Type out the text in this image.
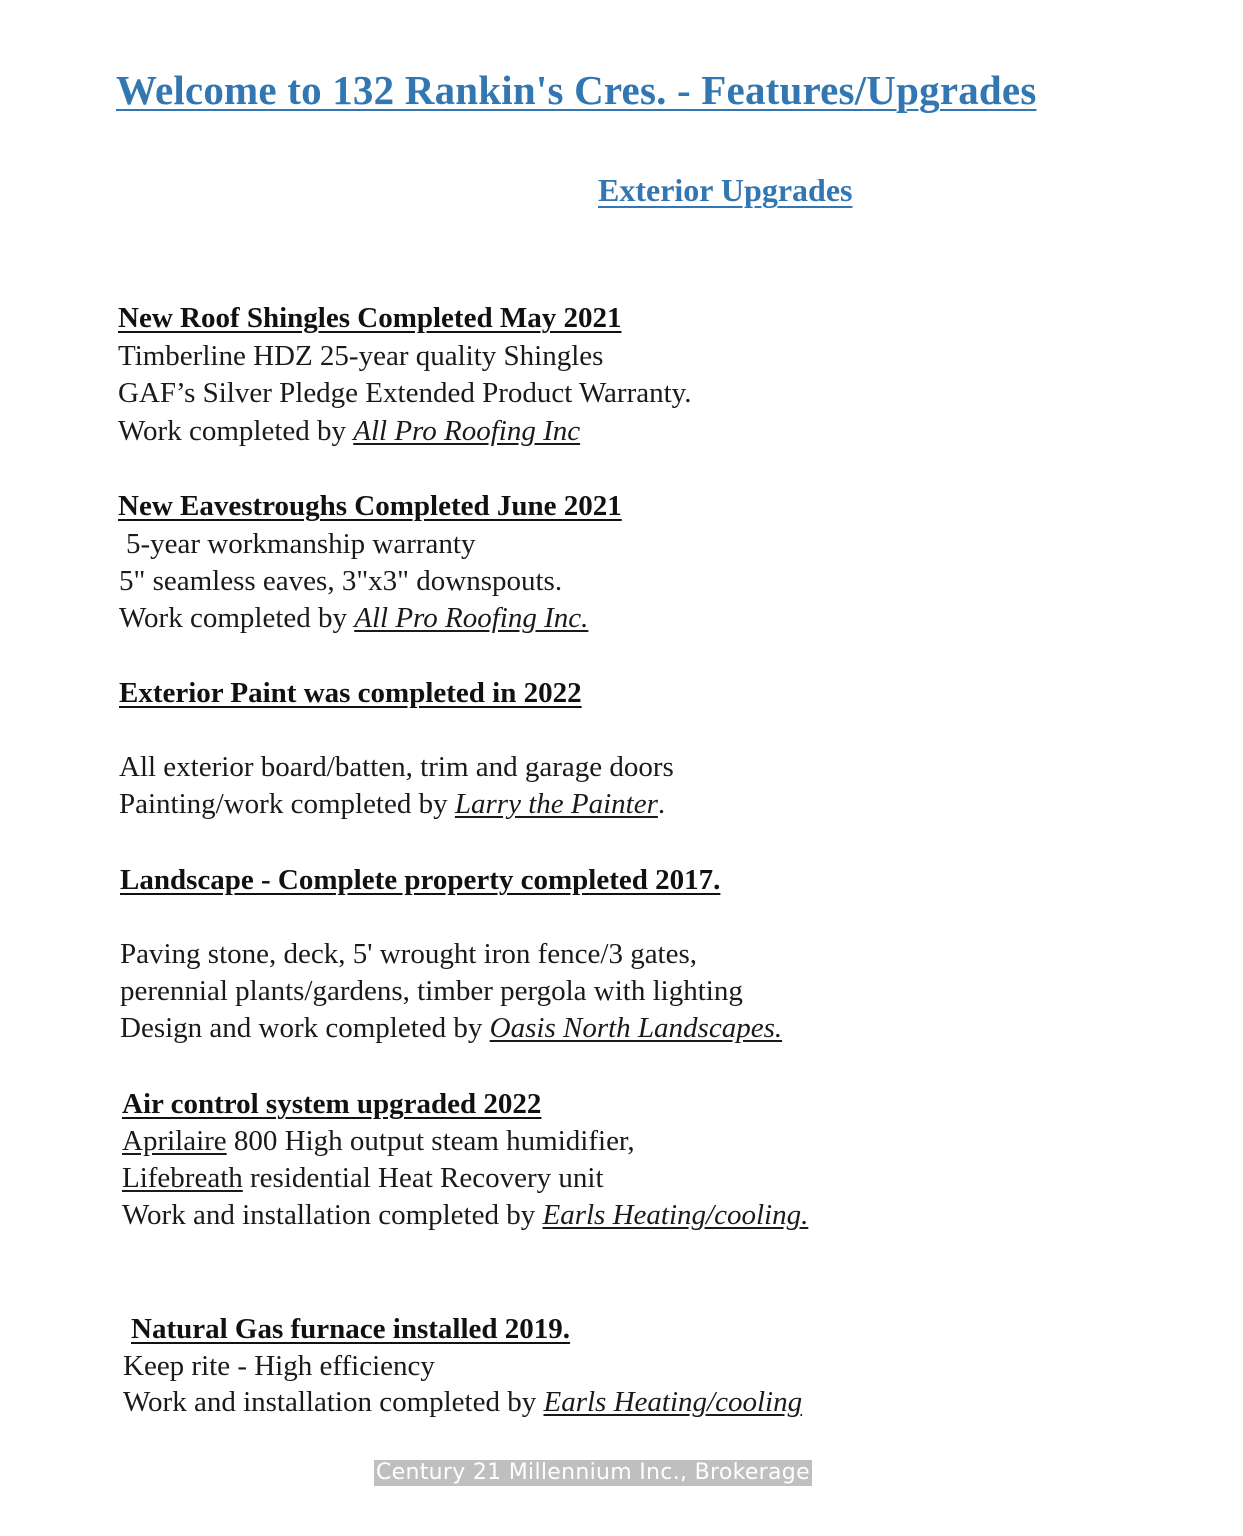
Welcome to 132 Rankin's Cres. - Features/Upgrades
Exterior Upgrades
New Roof Shingles Completed May 2021
Timberline HDZ 25-year quality Shingles
GAF’s Silver Pledge Extended Product Warranty.
Work completed by All Pro Roofing Inc
New Eavestroughs Completed June 2021
5-year workmanship warranty
5" seamless eaves, 3"x3" downspouts.
Work completed by All Pro Roofing Inc.
Exterior Paint was completed in 2022
All exterior board/batten, trim and garage doors
Painting/work completed by Larry the Painter.
Landscape - Complete property completed 2017.
Paving stone, deck, 5' wrought iron fence/3 gates,
perennial plants/gardens, timber pergola with lighting
Design and work completed by Oasis North Landscapes.
Air control system upgraded 2022
Aprilaire 800 High output steam humidifier,
Lifebreath residential Heat Recovery unit
Work and installation completed by Earls Heating/cooling.
Natural Gas furnace installed 2019.
Keep rite - High efficiency
Work and installation completed by Earls Heating/cooling
Century 21 Millennium Inc., Brokerage
